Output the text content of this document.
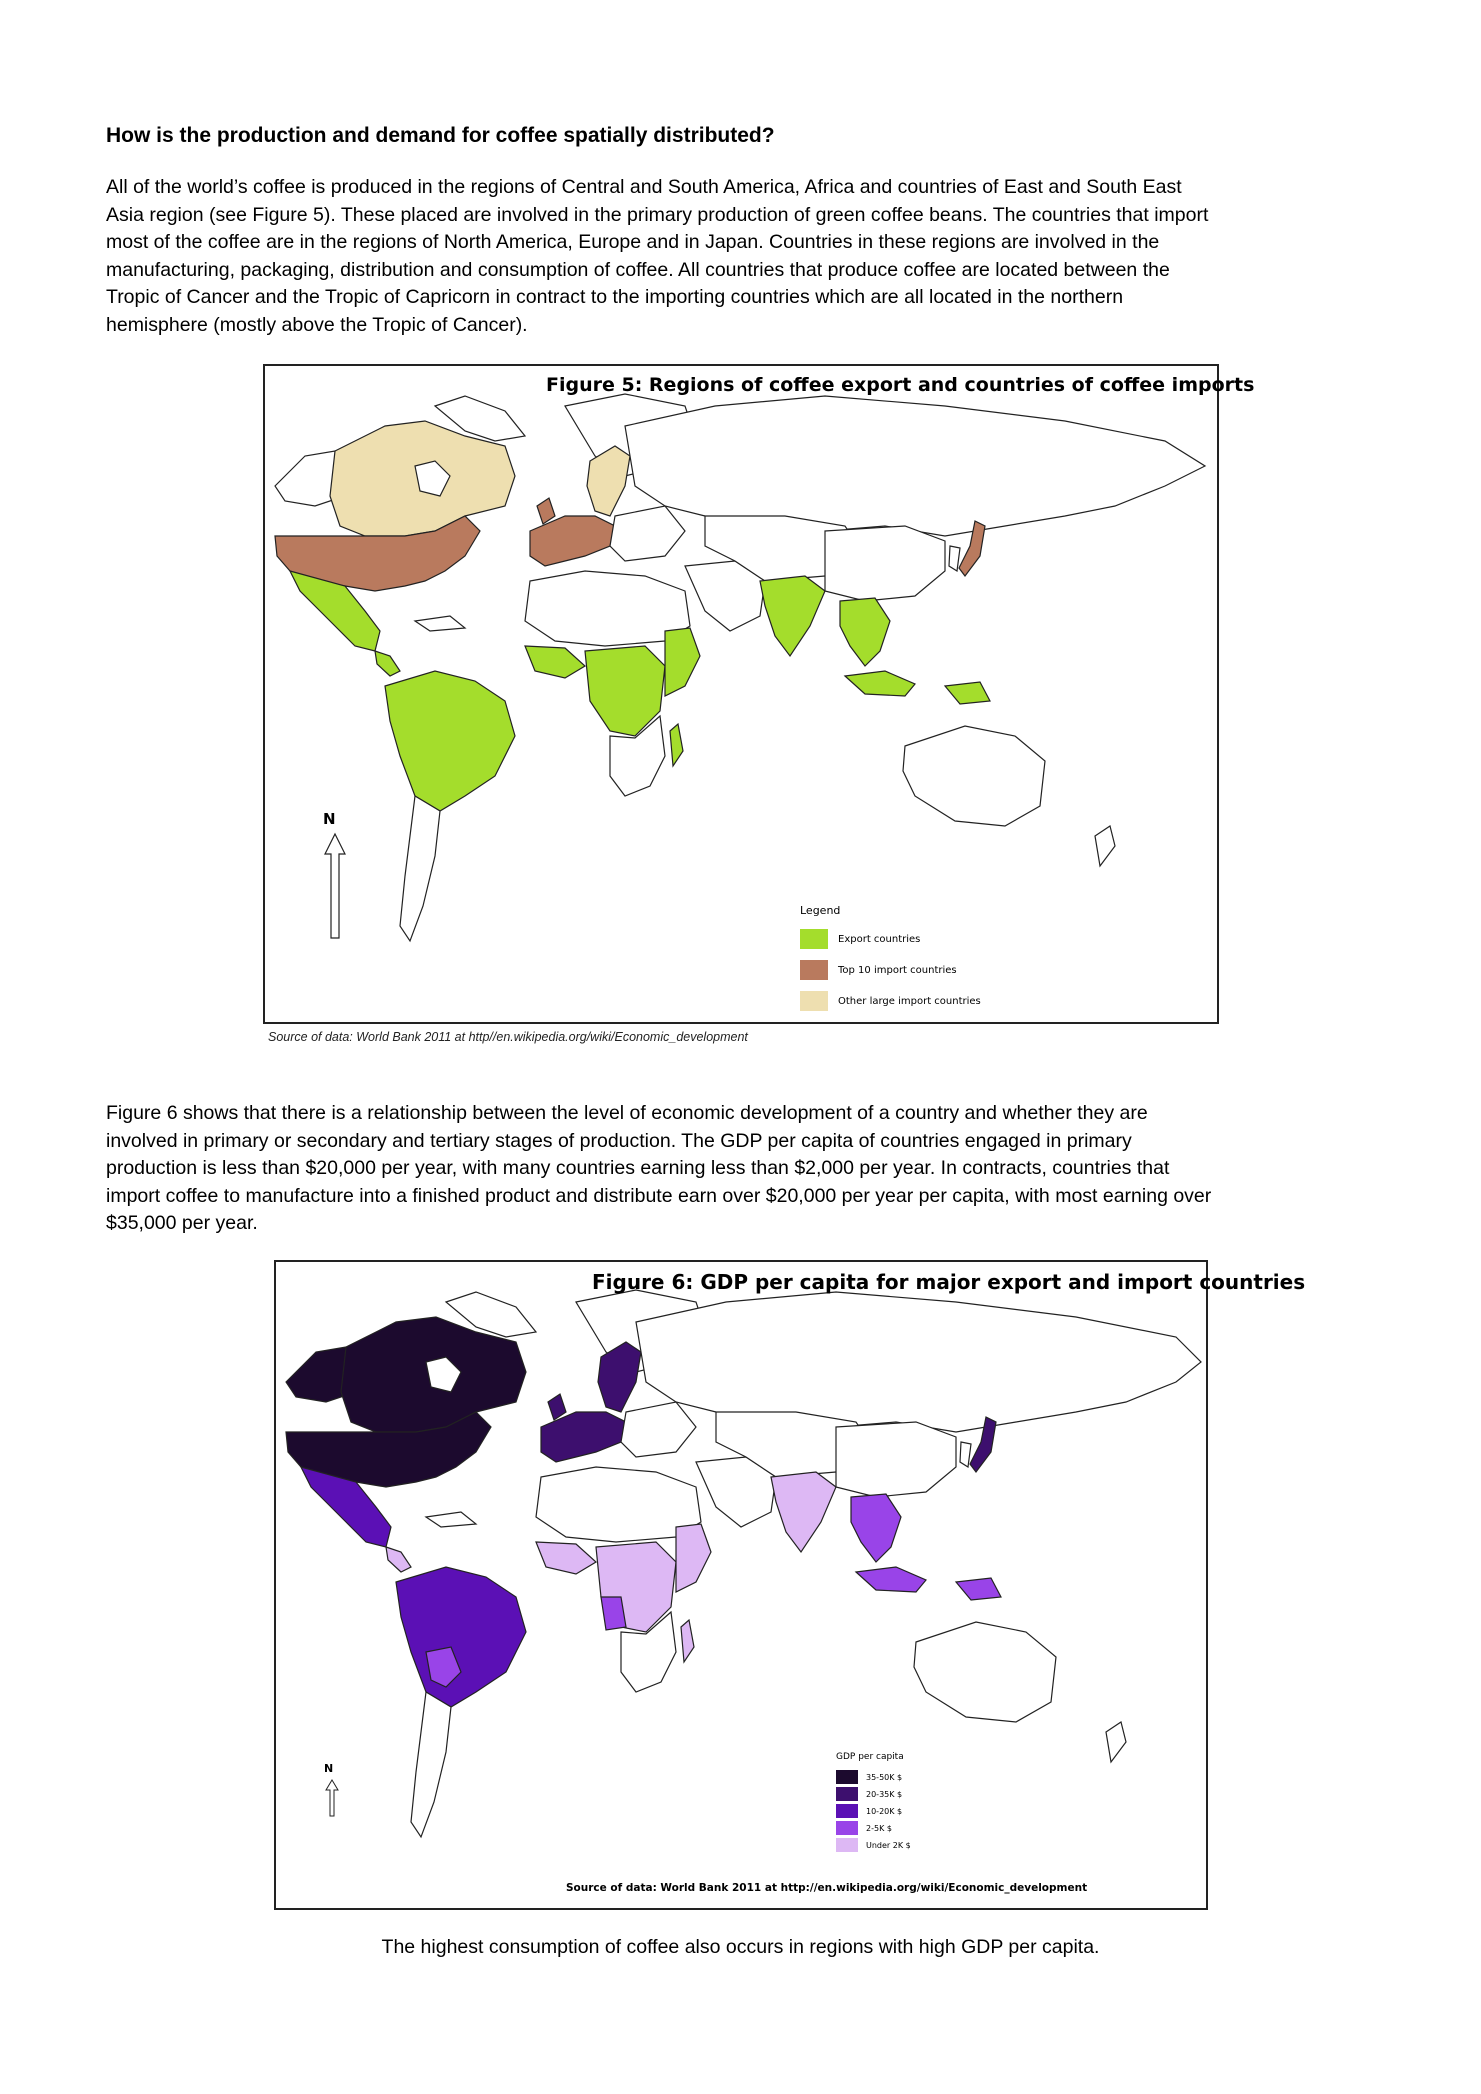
How is the production and demand for coffee spatially distributed?
All of the world’s coffee is produced in the regions of Central and South America, Africa and countries of East and South East
Asia region (see Figure 5). These placed are involved in the primary production of green coffee beans. The countries that import
most of the coffee are in the regions of North America, Europe and in Japan. Countries in these regions are involved in the
manufacturing, packaging, distribution and consumption of coffee. All countries that produce coffee are located between the
Tropic of Cancer and the Tropic of Capricorn in contract to the importing countries which are all located in the northern
hemisphere (mostly above the Tropic of Cancer).
Figure 5: Regions of coffee export and countries of coffee imports
N
Legend
Export countries
Top 10 import countries
Other large import countries
Source of data: World Bank 2011 at http//en.wikipedia.org/wiki/Economic_development
Figure 6 shows that there is a relationship between the level of economic development of a country and whether they are
involved in primary or secondary and tertiary stages of production. The GDP per capita of countries engaged in primary
production is less than $20,000 per year, with many countries earning less than $2,000 per year. In contracts, countries that
import coffee to manufacture into a finished product and distribute earn over $20,000 per year per capita, with most earning over
$35,000 per year.
Figure 6: GDP per capita for major export and import countries
N
GDP per capita
35-50K $
20-35K $
10-20K $
2-5K $
Under 2K $
Source of data: World Bank 2011 at http://en.wikipedia.org/wiki/Economic_development

The highest consumption of coffee also occurs in regions with high GDP per capita.
